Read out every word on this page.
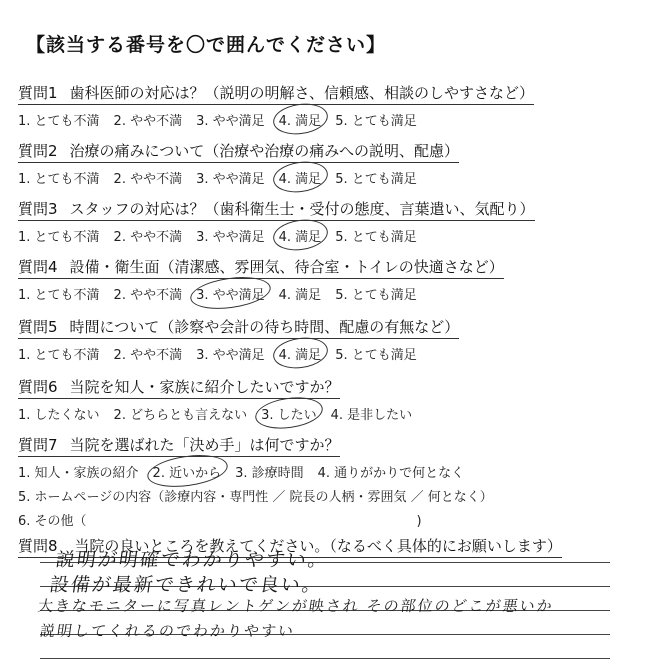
【該当する番号を〇で囲んでください】
質問1 歯科医師の対応は？（説明の明解さ、信頼感、相談のしやすさなど）
1. とても不満 2. やや不満 3. やや満足 4. 満足 5. とても満足
質問2 治療の痛みについて（治療や治療の痛みへの説明、配慮）
1. とても不満 2. やや不満 3. やや満足 4. 満足 5. とても満足
質問3 スタッフの対応は？（歯科衛生士・受付の態度、言葉遣い、気配り）
1. とても不満 2. やや不満 3. やや満足 4. 満足 5. とても満足
質問4 設備・衛生面（清潔感、雰囲気、待合室・トイレの快適さなど）
1. とても不満 2. やや不満 3. やや満足 4. 満足 5. とても満足
質問5 時間について（診察や会計の待ち時間、配慮の有無など）
1. とても不満 2. やや不満 3. やや満足 4. 満足 5. とても満足
質問6 当院を知人・家族に紹介したいですか？
1. したくない 2. どちらとも言えない 3. したい 4. 是非したい
質問7 当院を選ばれた「決め手」は何ですか？
1. 知人・家族の紹介 2. 近いから 3. 診療時間 4. 通りがかりで何となく
5. ホームページの内容（診療内容・専門性 ／ 院長の人柄・雰囲気 ／ 何となく）
6. その他（	)
質問8 当院の良いところを教えてください。（なるべく具体的にお願いします）
説明が明確でわかりやすい。
設備が最新できれいで良い。
大きなモニターに写真レントゲンが映され その部位のどこが悪いか
説明してくれるのでわかりやすい
